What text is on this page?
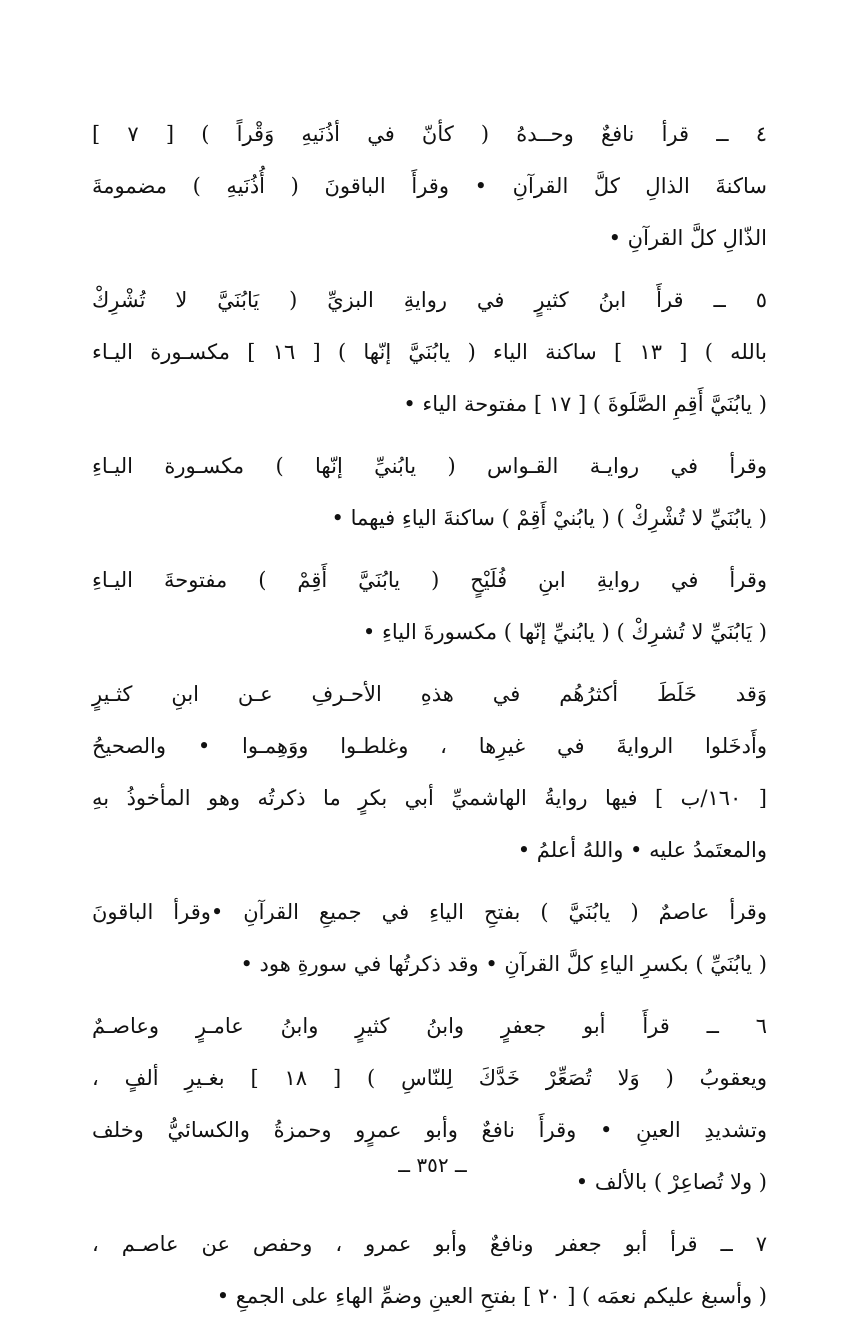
٤ ــ قرأ نافعٌ وحــدهُ ( كأنّ في أذُنَيهِ وَقْراً ) [ ٧ ]
ساكنةَ الذالِ كلَّ القرآنِ • وقرأَ الباقونَ ( أُذُنَيهِ ) مضمومةَ
الذّالِ كلَّ القرآنِ •

٥ ــ قرأَ ابنُ كثيرٍ في روايةِ البزيِّ ( يَابُنَيَّ لا تُشْرِكْ
بالله ) [ ١٣ ] ساكنة الياء ( يابُنَيَّ إنّها ) [ ١٦ ] مكسـورة اليـاء
( يابُنَيَّ أَقِمِ الصَّلَوةَ ) [ ١٧ ] مفتوحة الياء •

وقرأ في روايـة القـواس ( يابُنيِّ إنّها ) مكسـورة اليـاءِ
( يابُنَيِّ لا تُشْرِكْ ) ( يابُنيْ أَقِمْ ) ساكنةَ الياءِ فيهما •

وقرأ في روايةِ ابنِ فُلَيْحٍ ( يابُنَيَّ أَقِمْ ) مفتوحةَ اليـاءِ
( يَابُنَيِّ لا تُشرِكْ ) ( يابُنيِّ إنّها ) مكسورةَ الياءِ •

وَقد خَلَطَ أكثرُهُم في هذهِ الأحـرفِ عـن ابنِ كثـيرٍ
وأَدخَلوا الروايةَ في غيرِها ، وغلطـوا ووَهِمـوا • والصحيحُ
[ ١٦٠/ب ] فيها روايةُ الهاشميِّ أبي بكرٍ ما ذكرتُه وهو المأخوذُ بهِ
والمعتَمدُ عليه • واللهُ أعلمُ •

وقرأ عاصمٌ ( يابُنَيَّ ) بفتحِ الياءِ في جميعِ القرآنِ •وقرأ الباقونَ
( يابُنَيِّ ) بكسرِ الياءِ كلَّ القرآنِ • وقد ذكرتُها في سورةِ هود •

٦ ــ قرأَ أبو جعفرٍ وابنُ كثيرٍ وابنُ عامـرٍ وعاصـمٌ
ويعقوبُ ( وَلا تُصَعِّرْ خَدَّكَ لِلنّاسِ ) [ ١٨ ] بغـيرِ ألفٍ ،
وتشديدِ العينِ • وقرأَ نافعٌ وأبو عمرٍو وحمزةُ والكسائيُّ وخلف
( ولا تُصاعِرْ ) بالألف •

٧ ــ قرأ أبو جعفر ونافعٌ وأبو عمرو ، وحفص عن عاصـم ،
( وأسبغ عليكم نعمَه ) [ ٢٠ ] بفتحِ العينِ وضمِّ الهاءِ على الجمعِ •

ــ ٣٥٢ ــ
